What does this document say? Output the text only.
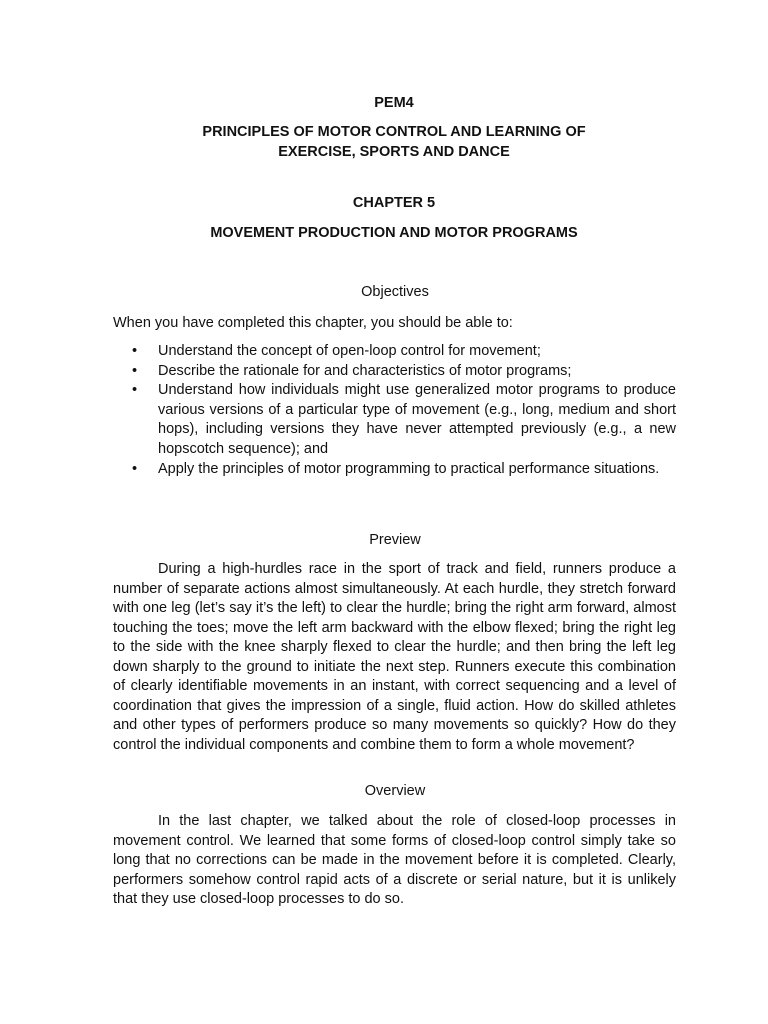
PEM4
PRINCIPLES OF MOTOR CONTROL AND LEARNING OF
EXERCISE, SPORTS AND DANCE
CHAPTER 5
MOVEMENT PRODUCTION AND MOTOR PROGRAMS
Objectives

When you have completed this chapter, you should be able to:

• Understand the concept of open-loop control for movement;
• Describe the rationale for and characteristics of motor programs;
• Understand how individuals might use generalized motor programs to produce various versions of a particular type of movement (e.g., long, medium and short hops), including versions they have never attempted previously (e.g., a new hopscotch sequence); and
• Apply the principles of motor programming to practical performance situations.
Preview

During a high-hurdles race in the sport of track and field, runners produce a number of separate actions almost simultaneously. At each hurdle, they stretch forward with one leg (let’s say it’s the left) to clear the hurdle; bring the right arm forward, almost touching the toes; move the left arm backward with the elbow flexed; bring the right leg to the side with the knee sharply flexed to clear the hurdle; and then bring the left leg down sharply to the ground to initiate the next step. Runners execute this combination of clearly identifiable movements in an instant, with correct sequencing and a level of coordination that gives the impression of a single, fluid action. How do skilled athletes and other types of performers produce so many movements so quickly? How do they control the individual components and combine them to form a whole movement?

Overview

In the last chapter, we talked about the role of closed-loop processes in movement control. We learned that some forms of closed-loop control simply take so long that no corrections can be made in the movement before it is completed. Clearly, performers somehow control rapid acts of a discrete or serial nature, but it is unlikely that they use closed-loop processes to do so.
